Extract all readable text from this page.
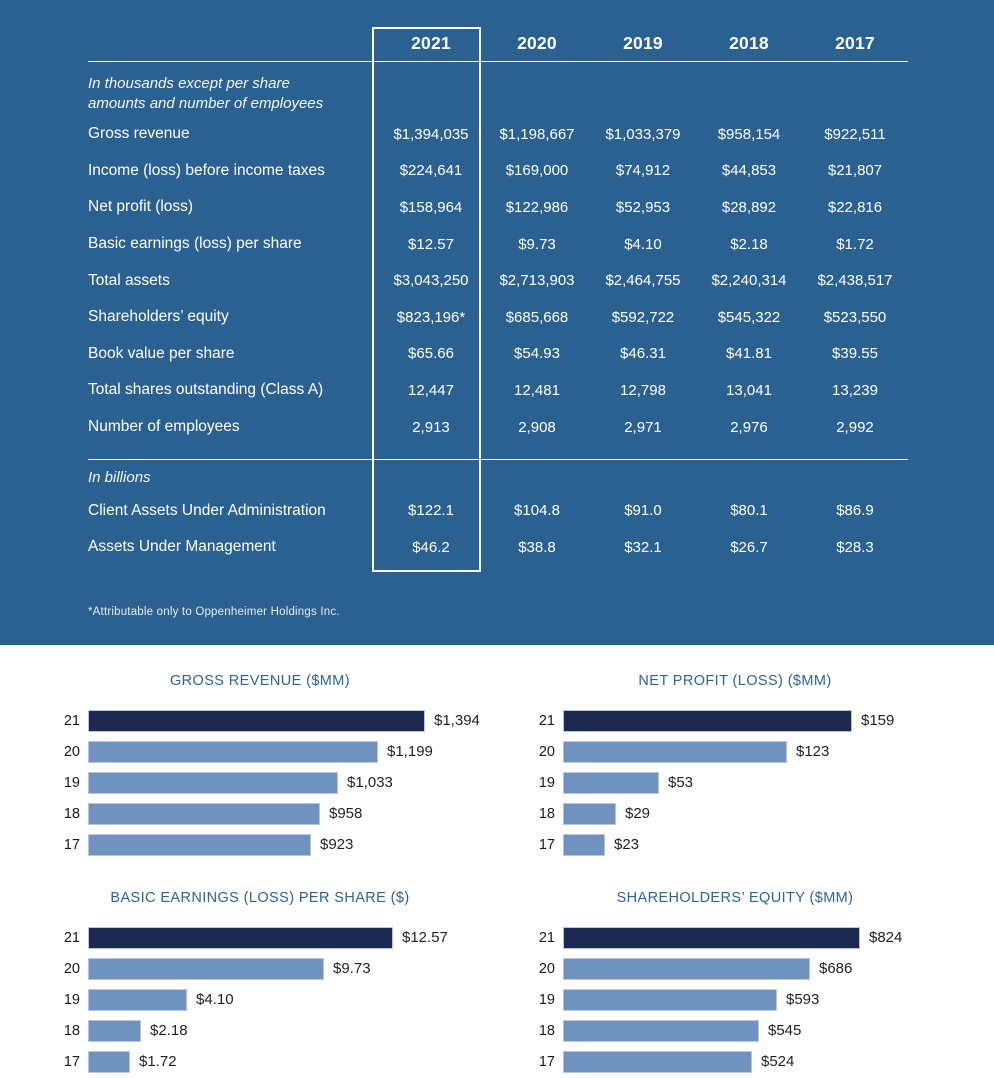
2021	2020	2019	2018	2017
In thousands except per share
amounts and number of employees
Gross revenue	$1,394,035	$1,198,667	$1,033,379	$958,154	$922,511
Income (loss) before income taxes	$224,641	$169,000	$74,912	$44,853	$21,807
Net profit (loss)	$158,964	$122,986	$52,953	$28,892	$22,816
Basic earnings (loss) per share	$12.57	$9.73	$4.10	$2.18	$1.72
Total assets	$3,043,250	$2,713,903	$2,464,755	$2,240,314	$2,438,517
Shareholders’ equity	$823,196*	$685,668	$592,722	$545,322	$523,550
Book value per share	$65.66	$54.93	$46.31	$41.81	$39.55
Total shares outstanding (Class A)	12,447	12,481	12,798	13,041	13,239
Number of employees	2,913	2,908	2,971	2,976	2,992
In billions
Client Assets Under Administration	$122.1	$104.8	$91.0	$80.1	$86.9
Assets Under Management	$46.2	$38.8	$32.1	$26.7	$28.3
*Attributable only to Oppenheimer Holdings Inc.
GROSS REVENUE ($MM)
21	$1,394
20	$1,199
19	$1,033
18	$958
17	$923
NET PROFIT (LOSS) ($MM)
21	$159
20	$123
19	$53
18	$29
17	$23
BASIC EARNINGS (LOSS) PER SHARE ($)
21	$12.57
20	$9.73
19	$4.10
18	$2.18
17	$1.72
SHAREHOLDERS’ EQUITY ($MM)
21	$824
20	$686
19	$593
18	$545
17	$524
